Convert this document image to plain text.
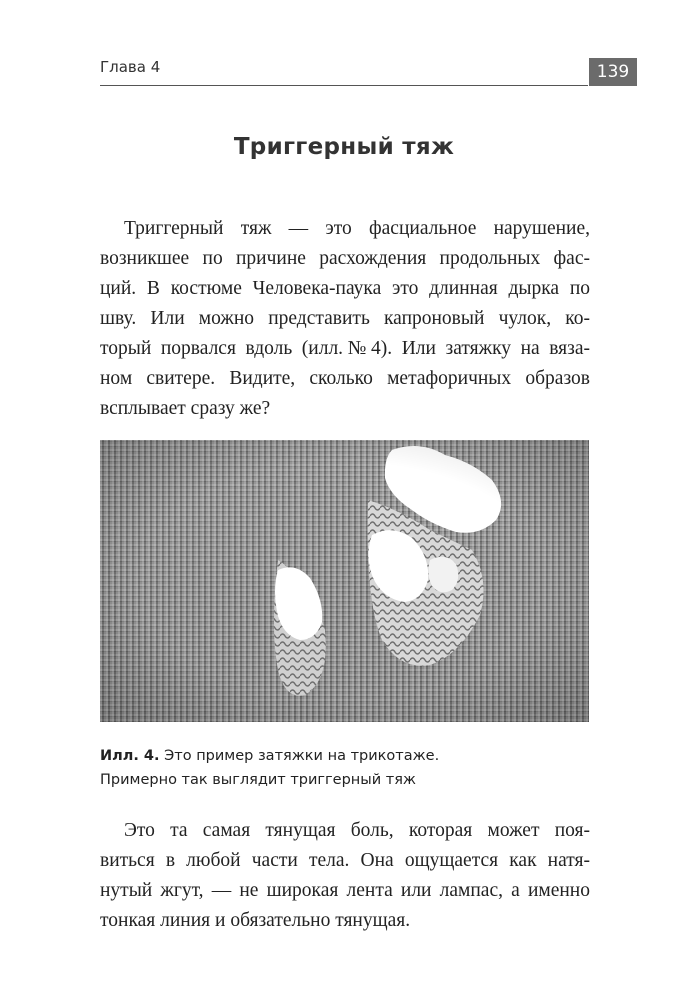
Глава 4	139
Триггерный тяж
Триггерный тяж — это фасциальное нарушение,
возникшее по причине расхождения продольных фас-
ций. В костюме Человека-паука это длинная дырка по
шву. Или можно представить капроновый чулок, ко-
торый порвался вдоль (илл.№4). Или затяжку на вяза-
ном свитере. Видите, сколько метафоричных образов
всплывает сразу же?
Илл. 4. Это пример затяжки на трикотаже.
Примерно так выглядит триггерный тяж
Это та самая тянущая боль, которая может поя-
виться в любой части тела. Она ощущается как натя-
нутый жгут, — не широкая лента или лампас, а именно
тонкая линия и обязательно тянущая.
